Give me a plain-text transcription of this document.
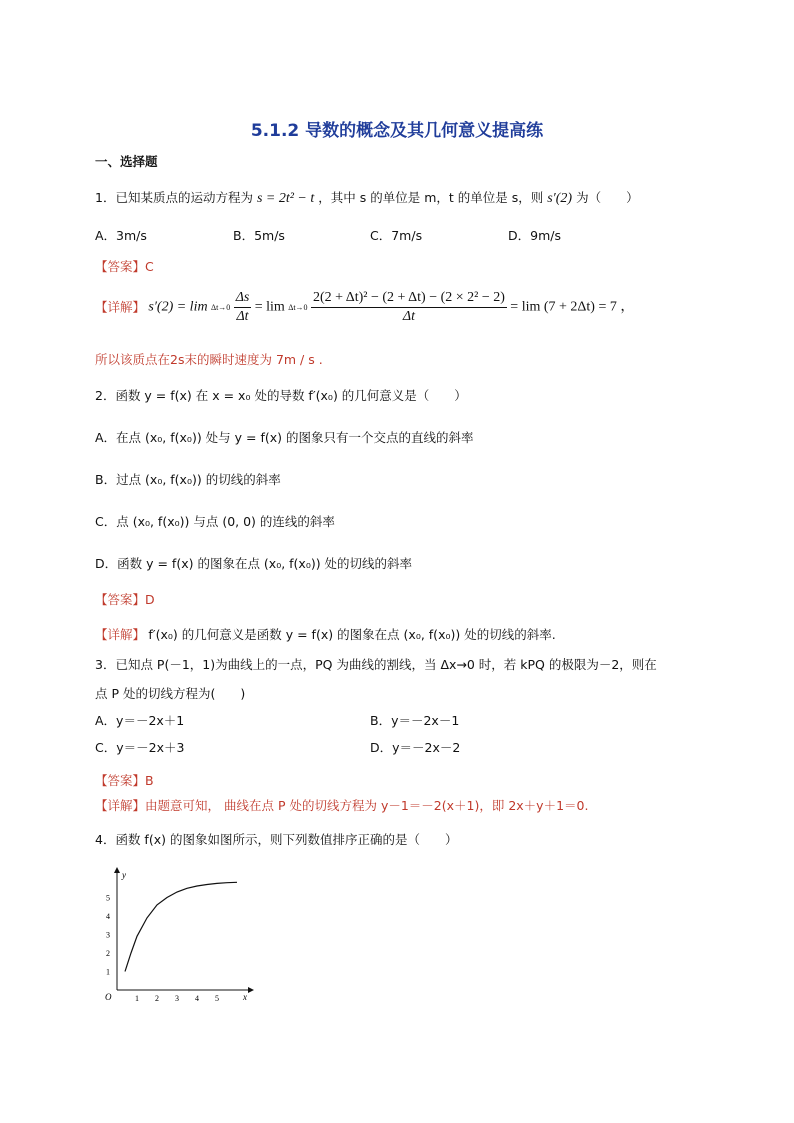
5.1.2 导数的概念及其几何意义提高练
一、选择题
1．已知某质点的运动方程为 s = 2t² − t ，其中 s 的单位是 m，t 的单位是 s，则 s′(2) 为（　　）
A．3m/s	B．5m/s	C．7m/s	D．9m/s
【答案】C
【详解】 s′(2) = lim Δt→0
$\frac{\Delta s}{\Delta t} = \lim \Delta t\to 0$
$\frac{\text{2(2 + Δt)² − (2 + Δt) − (2 × 2² − 2)}}{\Delta t} = \lim (7 + 2\Delta t) = 7$ ，
所以该质点在2s末的瞬时速度为 7m / s .
2．函数 y = f(x) 在 x = x₀ 处的导数 f′(x₀) 的几何意义是（　　）
A．在点 (x₀, f(x₀)) 处与 y = f(x) 的图象只有一个交点的直线的斜率
B．过点 (x₀, f(x₀)) 的切线的斜率
C．点 (x₀, f(x₀)) 与点 (0, 0) 的连线的斜率
D．函数 y = f(x) 的图象在点 (x₀, f(x₀)) 处的切线的斜率
【答案】D
【详解】 f′(x₀) 的几何意义是函数 y = f(x) 的图象在点 (x₀, f(x₀)) 处的切线的斜率.
3．已知点 P(－1，1)为曲线上的一点，PQ 为曲线的割线，当 Δx→0 时，若 kPQ 的极限为－2，则在
点 P 处的切线方程为(　　)
A．y＝－2x＋1	B．y＝－2x－1
C．y＝－2x＋3	D．y＝－2x－2
【答案】B
【详解】由题意可知， 曲线在点 P 处的切线方程为 y－1＝－2(x＋1)，即 2x＋y＋1＝0.
4．函数 f(x) 的图象如图所示，则下列数值排序正确的是（　　）
1 2 3 4 5
1
2
3
4
5
y
x
O
